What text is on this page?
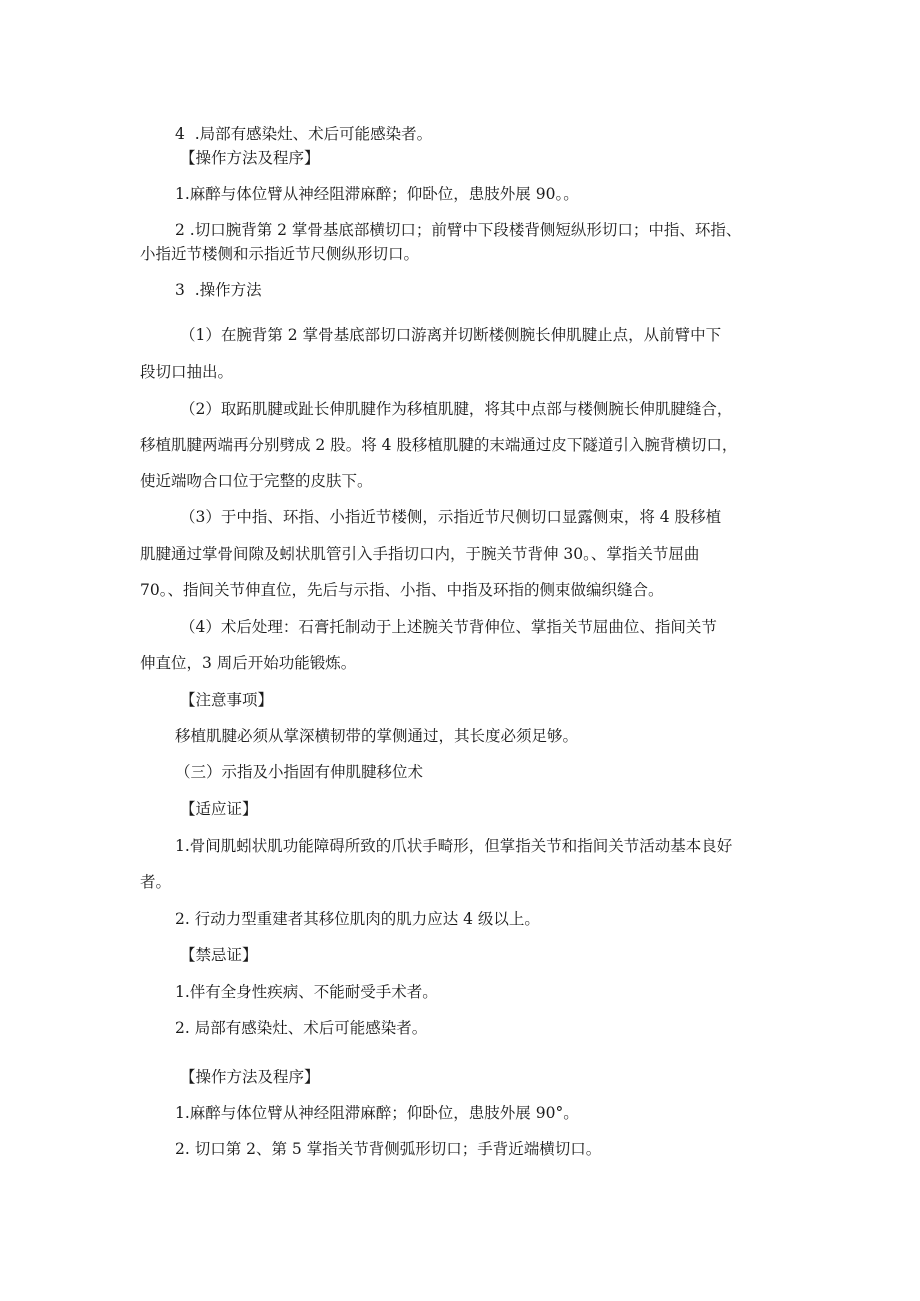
4  .局部有感染灶、术后可能感染者。
【操作方法及程序】
1.麻醉与体位臂从神经阻滞麻醉；仰卧位，患肢外展 90。。
2 .切口腕背第 2 掌骨基底部横切口；前臂中下段楼背侧短纵形切口；中指、环指、
小指近节楼侧和示指近节尺侧纵形切口。
3  .操作方法
（1）在腕背第 2 掌骨基底部切口游离并切断楼侧腕长伸肌腱止点，从前臂中下
段切口抽出。
（2）取跖肌腱或趾长伸肌腱作为移植肌腱，将其中点部与楼侧腕长伸肌腱缝合，
移植肌腱两端再分别劈成 2 股。将 4 股移植肌腱的末端通过皮下隧道引入腕背横切口，
使近端吻合口位于完整的皮肤下。
（3）于中指、环指、小指近节楼侧，示指近节尺侧切口显露侧束，将 4 股移植
肌腱通过掌骨间隙及蚓状肌管引入手指切口内，于腕关节背伸 30。、掌指关节屈曲
70。、指间关节伸直位，先后与示指、小指、中指及环指的侧束做编织缝合。
（4）术后处理：石膏托制动于上述腕关节背伸位、掌指关节屈曲位、指间关节
伸直位，3 周后开始功能锻炼。
【注意事项】
移植肌腱必须从掌深横韧带的掌侧通过，其长度必须足够。
（三）示指及小指固有伸肌腱移位术
【适应证】
1.骨间肌蚓状肌功能障碍所致的爪状手畸形，但掌指关节和指间关节活动基本良好
者。
2. 行动力型重建者其移位肌肉的肌力应达 4 级以上。
【禁忌证】
1.伴有全身性疾病、不能耐受手术者。
2. 局部有感染灶、术后可能感染者。
【操作方法及程序】
1.麻醉与体位臂从神经阻滞麻醉；仰卧位，患肢外展 90°。
2. 切口第 2、第 5 掌指关节背侧弧形切口；手背近端横切口。
